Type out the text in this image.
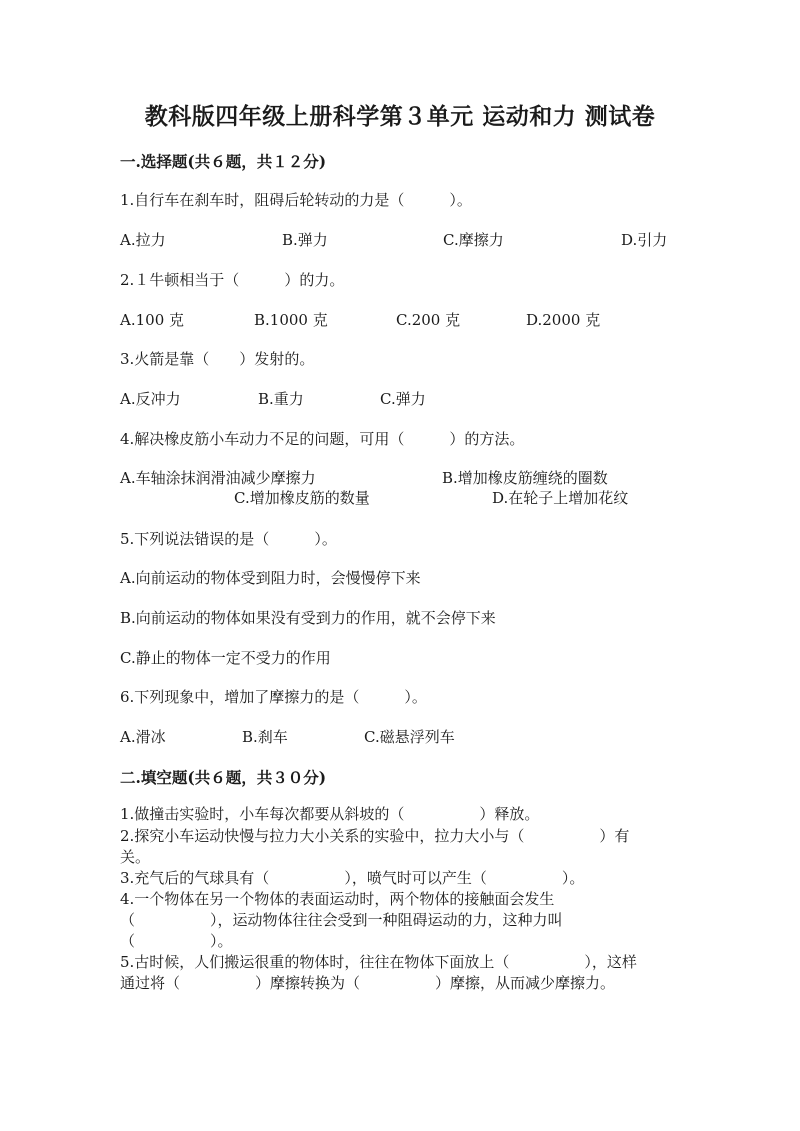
教科版四年级上册科学第３单元 运动和力 测试卷
一.选择题(共６题，共１２分)
1.自行车在刹车时，阻碍后轮转动的力是（　　　）。
A.拉力	B.弹力	C.摩擦力	D.引力
2.１牛顿相当于（　　　）的力。
A.100 克	B.1000 克	C.200 克	D.2000 克
3.火箭是靠（　　）发射的。
A.反冲力	B.重力	C.弹力
4.解决橡皮筋小车动力不足的问题，可用（　　　）的方法。
A.车轴涂抹润滑油减少摩擦力	B.增加橡皮筋缠绕的圈数
C.增加橡皮筋的数量	D.在轮子上增加花纹
5.下列说法错误的是（　　　）。
A.向前运动的物体受到阻力时，会慢慢停下来
B.向前运动的物体如果没有受到力的作用，就不会停下来
C.静止的物体一定不受力的作用
6.下列现象中，增加了摩擦力的是（　　　）。
A.滑冰	B.刹车	C.磁悬浮列车
二.填空题(共６题，共３０分)
1.做撞击实验时，小车每次都要从斜坡的（　　　　　）释放。
2.探究小车运动快慢与拉力大小关系的实验中，拉力大小与（　　　　　）有
关。
3.充气后的气球具有（　　　　　），喷气时可以产生（　　　　　）。
4.一个物体在另一个物体的表面运动时，两个物体的接触面会发生
（　　　　　），运动物体往往会受到一种阻碍运动的力，这种力叫
（　　　　　）。
5.古时候，人们搬运很重的物体时，往往在物体下面放上（　　　　　），这样
通过将（　　　　　）摩擦转换为（　　　　　）摩擦，从而减少摩擦力。
